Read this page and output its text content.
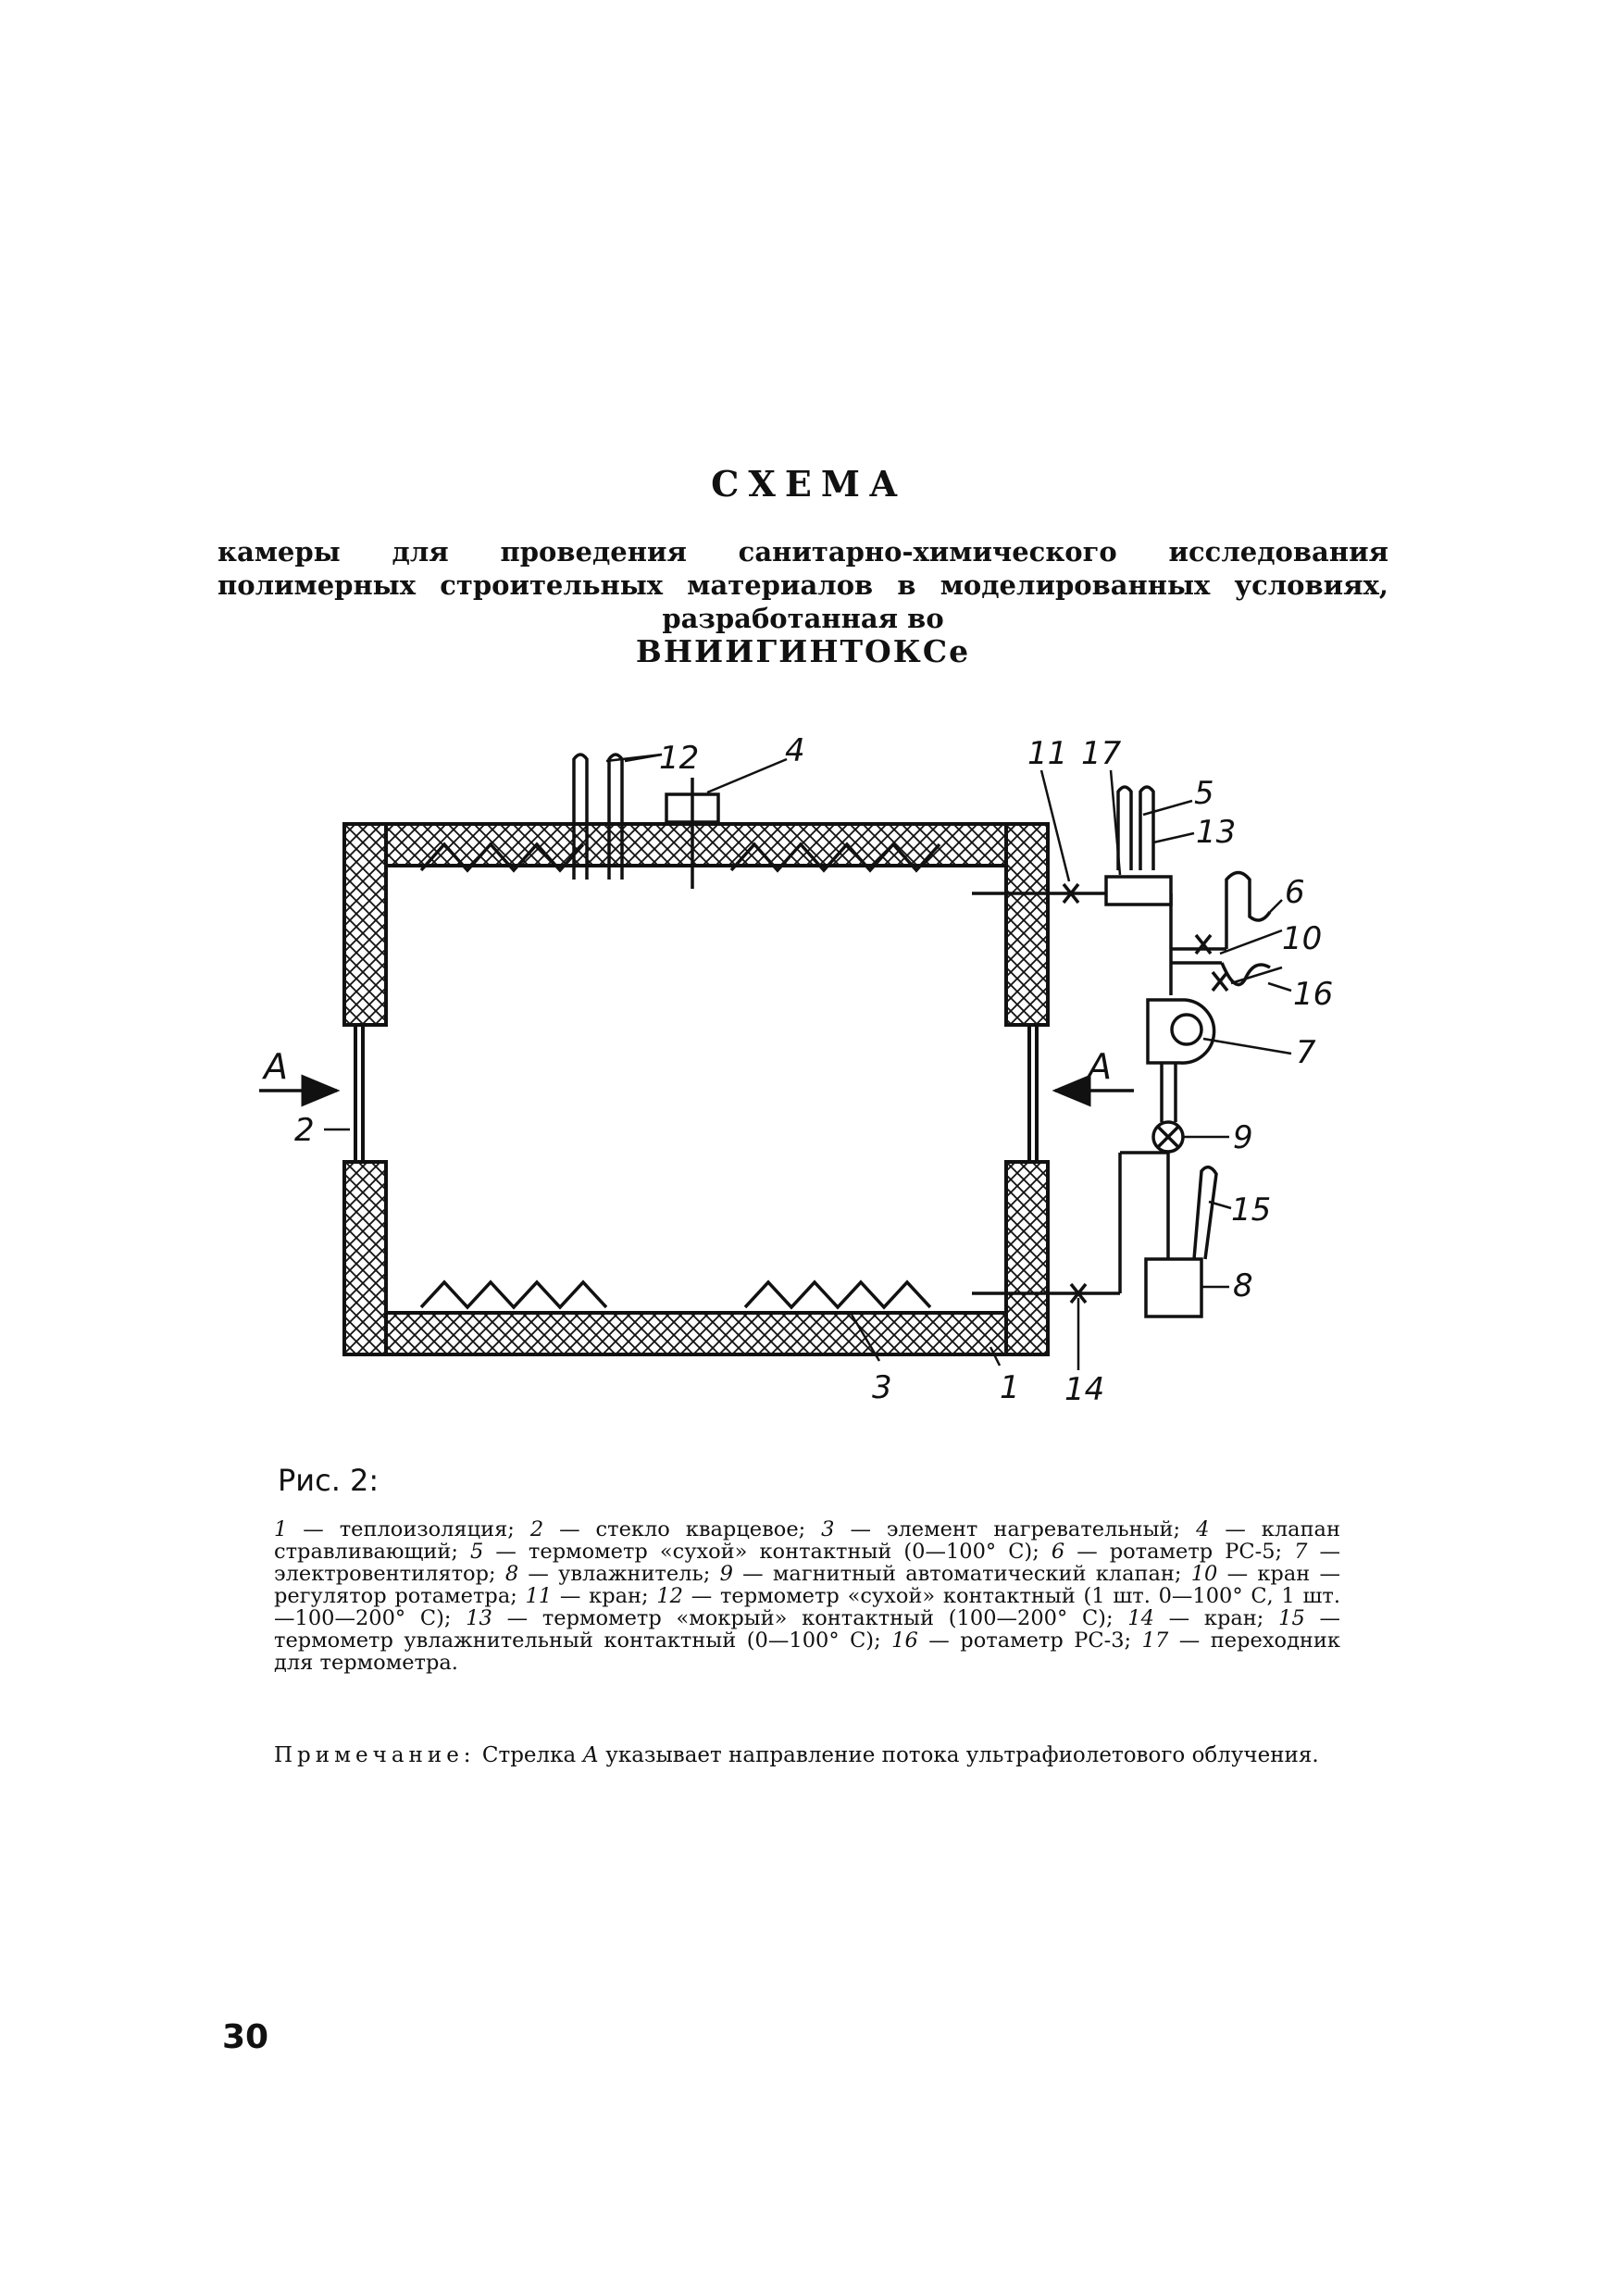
СХЕМА
камеры для проведения санитарно-химического исследования полимерных строительных материалов в моделированных условиях, разработанная во
ВНИИГИНТОКСе
12	4	11 17
5
13
6
10
16
7
9
15
8
3	1 14
2
А	А
Рис. 2:
1 — теплоизоляция; 2 — стекло кварцевое; 3 — элемент нагревательный; 4 — клапан стравливающий; 5 — термометр «сухой» контактный (0—100° С); 6 — ротаметр РС-5; 7 — электровентилятор; 8 — увлажнитель; 9 — магнитный автоматический клапан; 10 — кран — регулятор ротаметра; 11 — кран; 12 — термометр «сухой» контактный (1 шт. 0—100° С, 1 шт. —100—200° С); 13 — термометр «мокрый» контактный (100—200° С); 14 — кран; 15 — термометр увлажнительный контактный (0—100° С); 16 — ротаметр РС-3; 17 — переходник для термометра.
Примечание: Стрелка А указывает направление потока ультрафиолетового облучения.
30
